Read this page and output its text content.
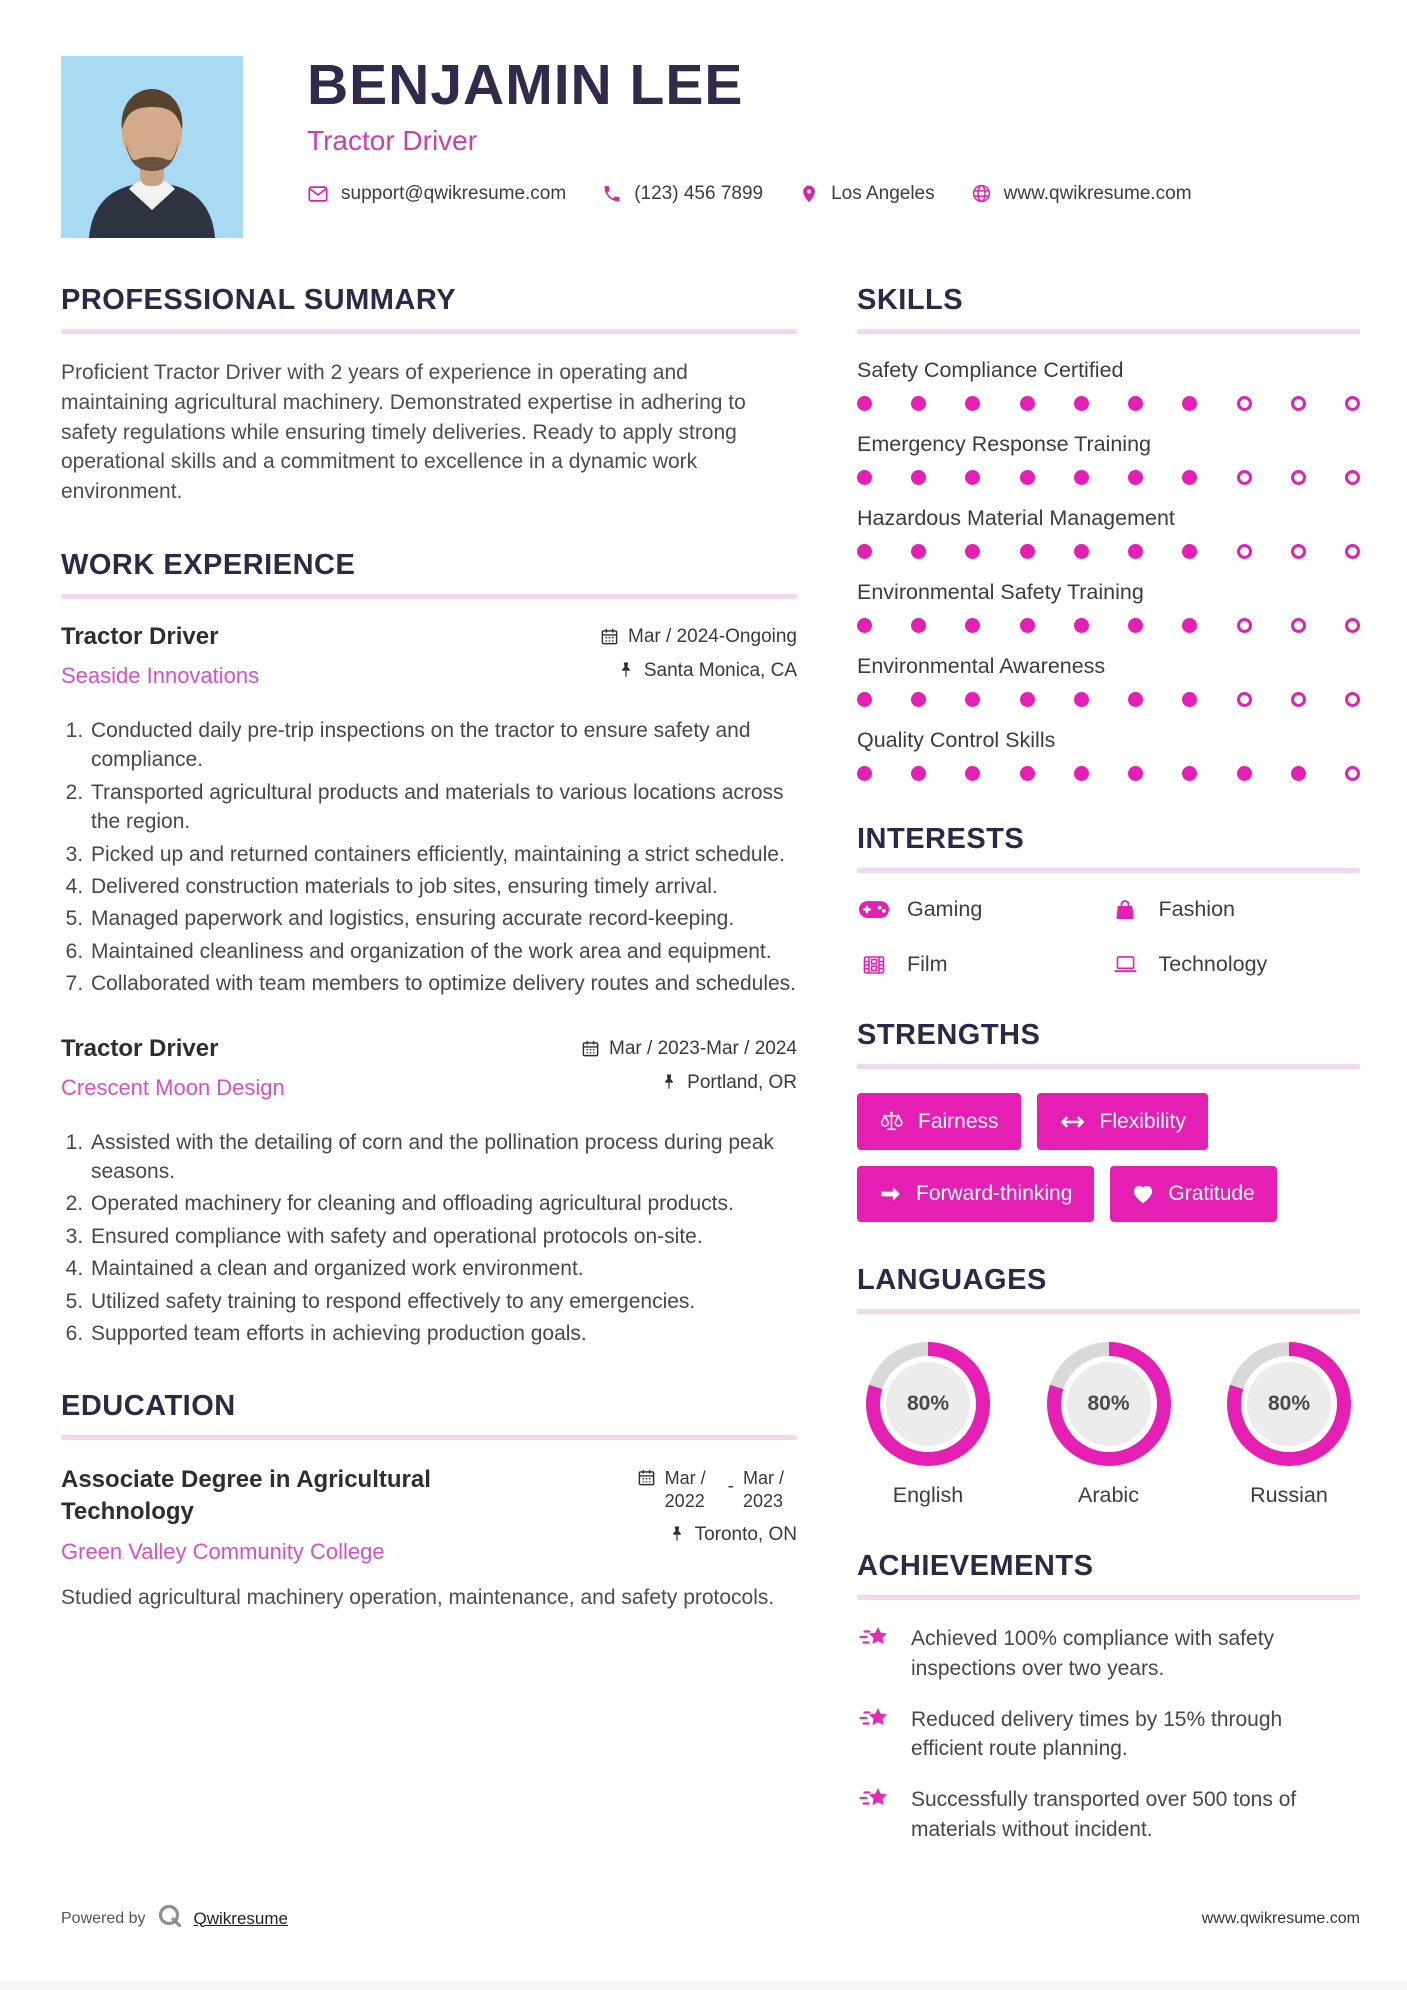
BENJAMIN LEE
Tractor Driver
support@qwikresume.com	(123) 456 7899	Los Angeles	www.qwikresume.com
PROFESSIONAL SUMMARY

Proficient Tractor Driver with 2 years of experience in operating and maintaining agricultural machinery. Demonstrated expertise in adhering to safety regulations while ensuring timely deliveries. Ready to apply strong operational skills and a commitment to excellence in a dynamic work environment.

WORK EXPERIENCE
Tractor Driver
Seaside Innovations
Mar / 2024-Ongoing
Santa Monica, CA
1. Conducted daily pre-trip inspections on the tractor to ensure safety and compliance.
2. Transported agricultural products and materials to various locations across the region.
3. Picked up and returned containers efficiently, maintaining a strict schedule.
4. Delivered construction materials to job sites, ensuring timely arrival.
5. Managed paperwork and logistics, ensuring accurate record-keeping.
6. Maintained cleanliness and organization of the work area and equipment.
7. Collaborated with team members to optimize delivery routes and schedules.
Tractor Driver
Crescent Moon Design
Mar / 2023-Mar / 2024
Portland, OR
1. Assisted with the detailing of corn and the pollination process during peak seasons.
2. Operated machinery for cleaning and offloading agricultural products.
3. Ensured compliance with safety and operational protocols on-site.
4. Maintained a clean and organized work environment.
5. Utilized safety training to respond effectively to any emergencies.
6. Supported team efforts in achieving production goals.
EDUCATION
Associate Degree in Agricultural Technology
Green Valley Community College
Mar / 2022
- Mar / 2023
Toronto, ON

Studied agricultural machinery operation, maintenance, and safety protocols.

SKILLS
Safety Compliance Certified
Emergency Response Training
Hazardous Material Management
Environmental Safety Training
Environmental Awareness
Quality Control Skills
INTERESTS
Gaming	Fashion
Film	Technology
STRENGTHS
Fairness	Flexibility
Forward-thinking	Gratitude
LANGUAGES
80%
English
80%
Arabic
80%
Russian
ACHIEVEMENTS
Achieved 100% compliance with safety inspections over two years.
Reduced delivery times by 15% through efficient route planning.
Successfully transported over 500 tons of materials without incident.
Powered by	Qwikresume	www.qwikresume.com
